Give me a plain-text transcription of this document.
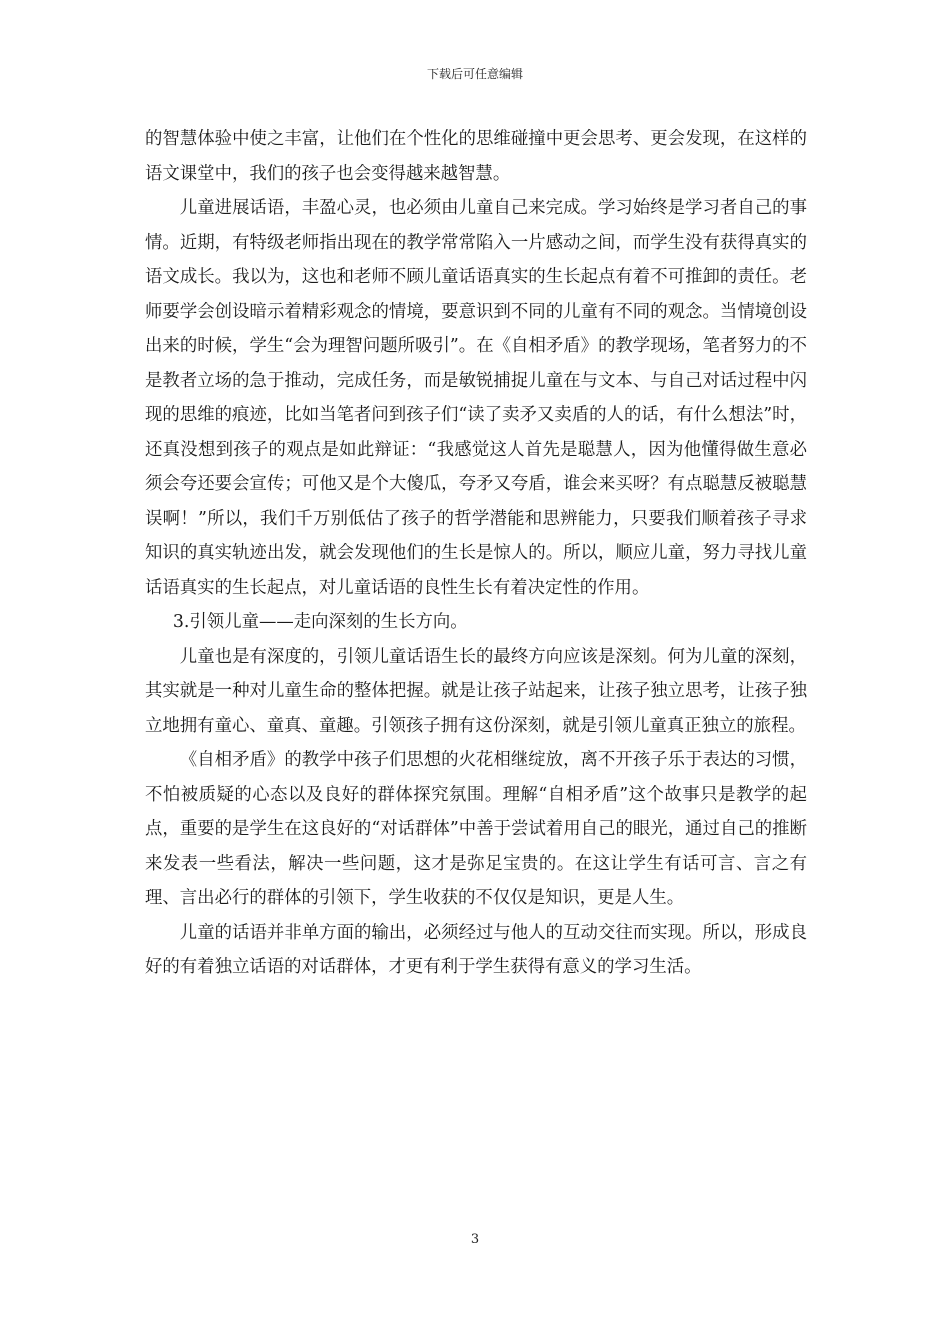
下载后可任意编辑

的智慧体验中使之丰富，让他们在个性化的思维碰撞中更会思考、更会发现，在这样的语文课堂中，我们的孩子也会变得越来越智慧。

儿童进展话语，丰盈心灵，也必须由儿童自己来完成。学习始终是学习者自己的事情。近期，有特级老师指出现在的教学常常陷入一片感动之间，而学生没有获得真实的语文成长。我以为，这也和老师不顾儿童话语真实的生长起点有着不可推卸的责任。老师要学会创设暗示着精彩观念的情境，要意识到不同的儿童有不同的观念。当情境创设出来的时候，学生“会为理智问题所吸引”。在《自相矛盾》的教学现场，笔者努力的不是教者立场的急于推动，完成任务，而是敏锐捕捉儿童在与文本、与自己对话过程中闪现的思维的痕迹，比如当笔者问到孩子们“读了卖矛又卖盾的人的话，有什么想法”时，还真没想到孩子的观点是如此辩证：“我感觉这人首先是聪慧人，因为他懂得做生意必须会夸还要会宣传；可他又是个大傻瓜，夸矛又夸盾，谁会来买呀？有点聪慧反被聪慧误啊！”所以，我们千万别低估了孩子的哲学潜能和思辨能力，只要我们顺着孩子寻求知识的真实轨迹出发，就会发现他们的生长是惊人的。所以，顺应儿童，努力寻找儿童话语真实的生长起点，对儿童话语的良性生长有着决定性的作用。

3.引领儿童——走向深刻的生长方向。

儿童也是有深度的，引领儿童话语生长的最终方向应该是深刻。何为儿童的深刻，其实就是一种对儿童生命的整体把握。就是让孩子站起来，让孩子独立思考，让孩子独立地拥有童心、童真、童趣。引领孩子拥有这份深刻，就是引领儿童真正独立的旅程。

《自相矛盾》的教学中孩子们思想的火花相继绽放，离不开孩子乐于表达的习惯，不怕被质疑的心态以及良好的群体探究氛围。理解“自相矛盾”这个故事只是教学的起点，重要的是学生在这良好的“对话群体”中善于尝试着用自己的眼光，通过自己的推断来发表一些看法，解决一些问题，这才是弥足宝贵的。在这让学生有话可言、言之有理、言出必行的群体的引领下，学生收获的不仅仅是知识，更是人生。

儿童的话语并非单方面的输出，必须经过与他人的互动交往而实现。所以，形成良好的有着独立话语的对话群体，才更有利于学生获得有意义的学习生活。

3
